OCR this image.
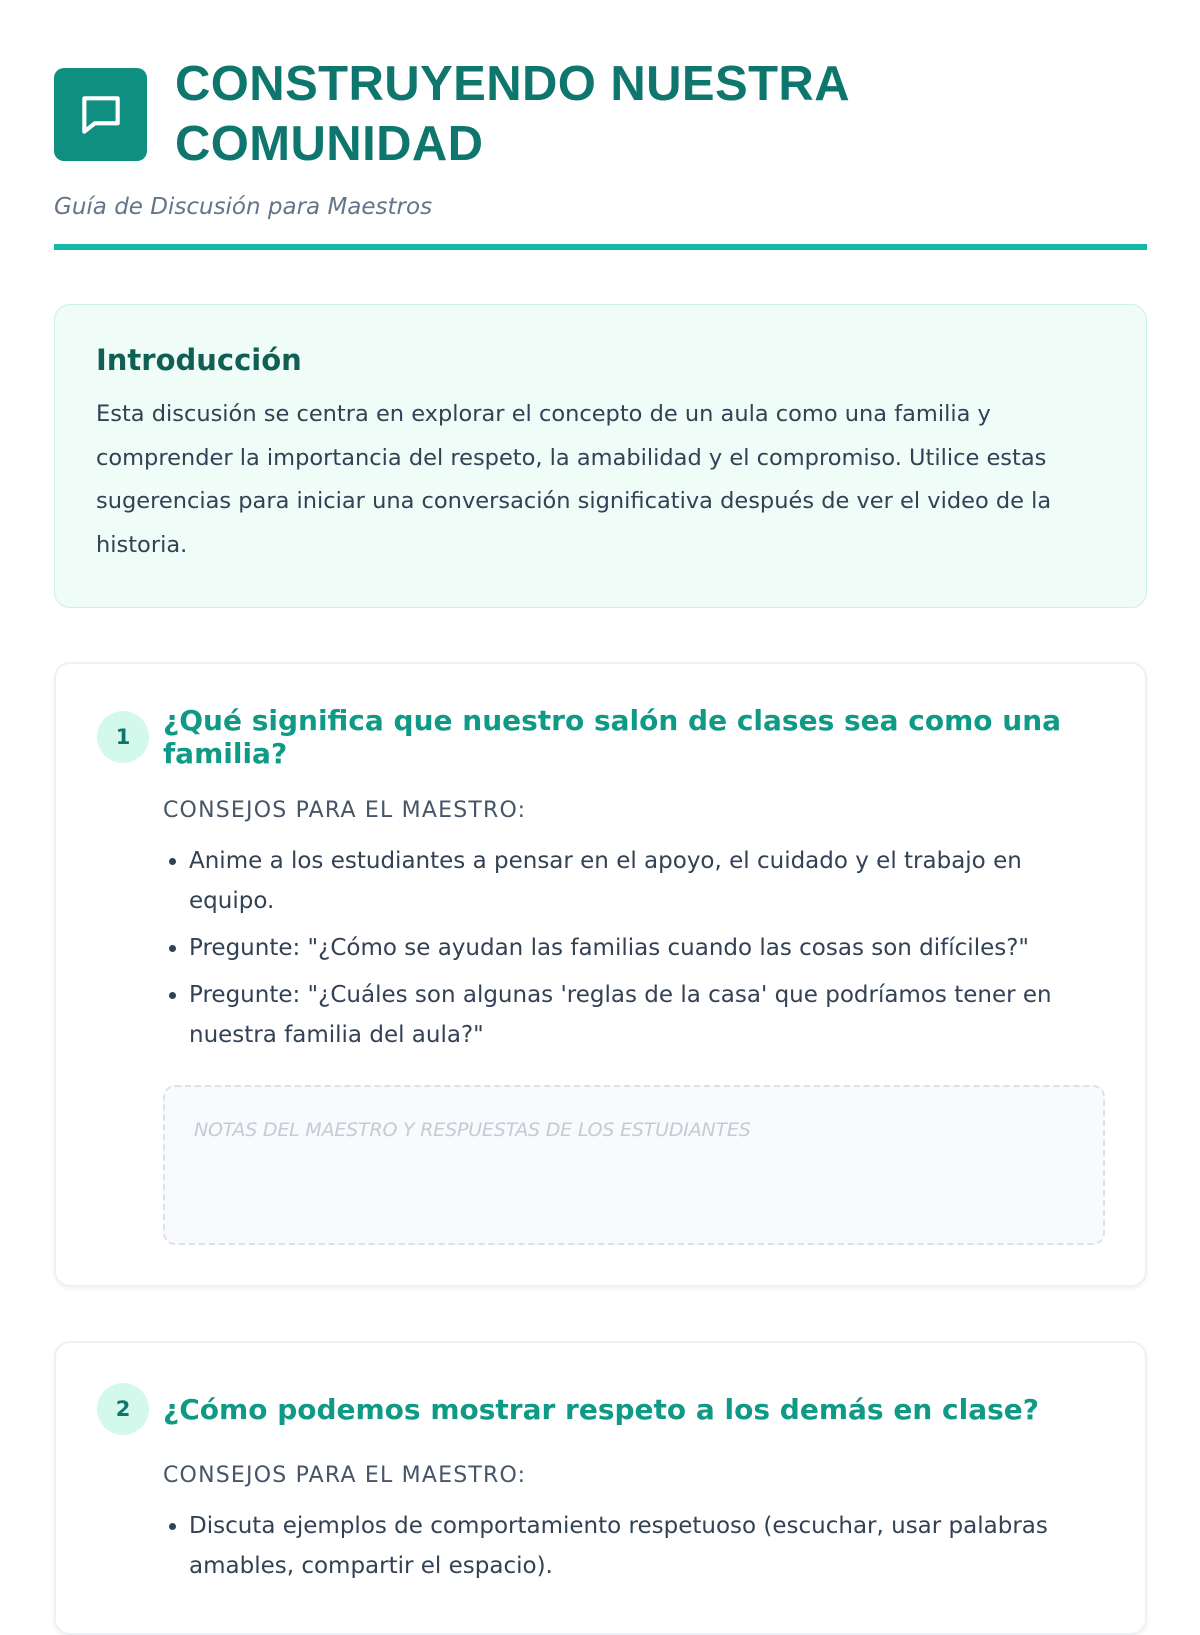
CONSTRUYENDO NUESTRA COMUNIDAD
Guía de Discusión para Maestros
Introducción

Esta discusión se centra en explorar el concepto de un aula como una familia y comprender la importancia del respeto, la amabilidad y el compromiso. Utilice estas sugerencias para iniciar una conversación significativa después de ver el video de la historia.

1	¿Qué significa que nuestro salón de clases sea como una familia?
CONSEJOS PARA EL MAESTRO:
• Anime a los estudiantes a pensar en el apoyo, el cuidado y el trabajo en equipo.
• Pregunte: "¿Cómo se ayudan las familias cuando las cosas son difíciles?"
• Pregunte: "¿Cuáles son algunas 'reglas de la casa' que podríamos tener en nuestra familia del aula?"
NOTAS DEL MAESTRO Y RESPUESTAS DE LOS ESTUDIANTES
2	¿Cómo podemos mostrar respeto a los demás en clase?
CONSEJOS PARA EL MAESTRO:
• Discuta ejemplos de comportamiento respetuoso (escuchar, usar palabras amables, compartir el espacio).
